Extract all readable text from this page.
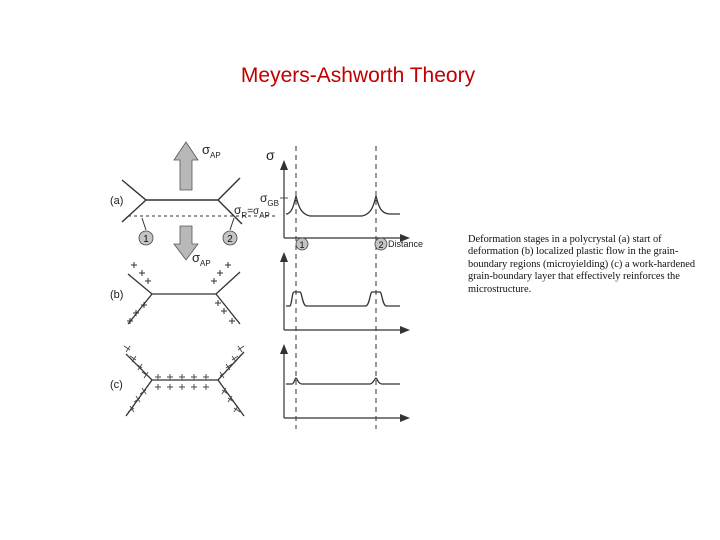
Meyers-Ashworth Theory
$\sigma_{AP}$
$\sigma_{AP}$
1	2
(a)
(b)
(c)
σ
$\sigma_{GB}$
$\sigma_R^{=\sigma}_{AP}$
1	2 Distance	Deformation stages in a polycrystal (a) start of deformation (b) localized plastic flow in the grain-boundary regions (microyielding) (c) a work-hardened grain-boundary layer that effectively reinforces the microstructure.
